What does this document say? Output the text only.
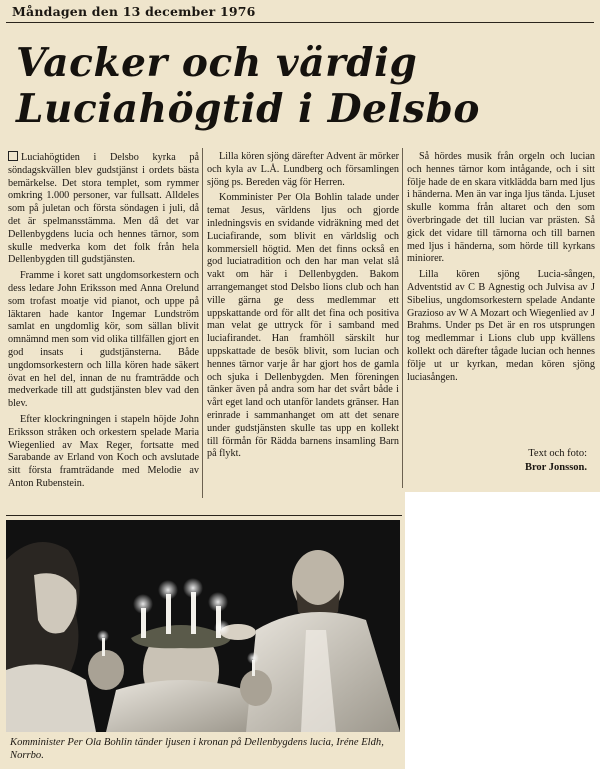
Måndagen den 13 december 1976
Vacker och värdig
Luciahögtid i Delsbo

Luciahögtiden i Delsbo kyrka på söndagskvällen blev gudstjänst i ordets bästa bemärkelse. Det stora templet, som rymmer omkring 1.000 personer, var fullsatt. Alldeles som på juletan och första söndagen i juli, då det är spelmansstämma. Men då det var Dellenbygdens lucia och hennes tärnor, som skulle medverka kom det folk från hela Dellenbygden till gudstjänsten.

Framme i koret satt ungdomsorkestern och dess ledare John Eriksson med Anna Orelund som trofast moatje vid pianot, och uppe på läktaren hade kantor Ingemar Lundström samlat en ungdomlig kör, som sällan blivit omnämnd men som vid olika tillfällen gjort en god insats i gudstjänsterna. Både ungdomsorkestern och lilla kören hade säkert övat en hel del, innan de nu framträdde och medverkade till att gudstjänsten blev vad den blev.

Efter klockringningen i stapeln höjde John Eriksson stråken och orkestern spelade Maria Wiegenlied av Max Reger, fortsatte med Sarabande av Erland von Koch och avslutade sitt första framträdande med Melodie av Anton Rubenstein.

Lilla kören sjöng därefter Advent är mörker och kyla av L.Å. Lundberg och församlingen sjöng ps. Bereden väg för Herren.

Komminister Per Ola Bohlin talade under temat Jesus, världens ljus och gjorde inledningsvis en svidande vidräkning med det Luciafirande, som blivit en världslig och kommersiell högtid. Men det finns också en god luciatradition och den har man velat slå vakt om här i Dellenbygden. Bakom arrangemanget stod Delsbo lions club och han ville gärna ge dess medlemmar ett uppskattande ord för allt det fina och positiva man velat ge uttryck för i samband med luciafirandet. Han framhöll särskilt hur uppskattade de besök blivit, som lucian och hennes tärnor varje år har gjort hos de gamla och sjuka i Dellenbygden. Men föreningen tänker även på andra som har det svårt både i vårt eget land och utanför landets gränser. Han erinrade i sammanhanget om att det senare under gudstjänsten skulle tas upp en kollekt till förmån för Rädda barnens insamling Barn på flykt.

Så hördes musik från orgeln och lucian och hennes tärnor kom intågande, och i sitt följe hade de en skara vitklädda barn med ljus i händerna. Men än var inga ljus tända. Ljuset skulle komma från altaret och den som överbringade det till lucian var prästen. Så gick det vidare till tärnorna och till barnen med ljus i händerna, som hörde till kyrkans miniorer.

Lilla kören sjöng Lucia-sången, Adventstid av C B Agnestig och Julvisa av J Sibelius, ungdomsorkestern spelade Andante Grazioso av W A Mozart och Wiegenlied av J Brahms. Under ps Det är en ros utsprungen tog medlemmar i Lions club upp kvällens kollekt och därefter tågade lucian och hennes följe ut ur kyrkan, medan kören sjöng luciasången.

Text och foto:
Bror Jonsson.
Komminister Per Ola Bohlin tänder ljusen i kronan på Dellenbygdens lucia, Iréne Eldh, Norrbo.
